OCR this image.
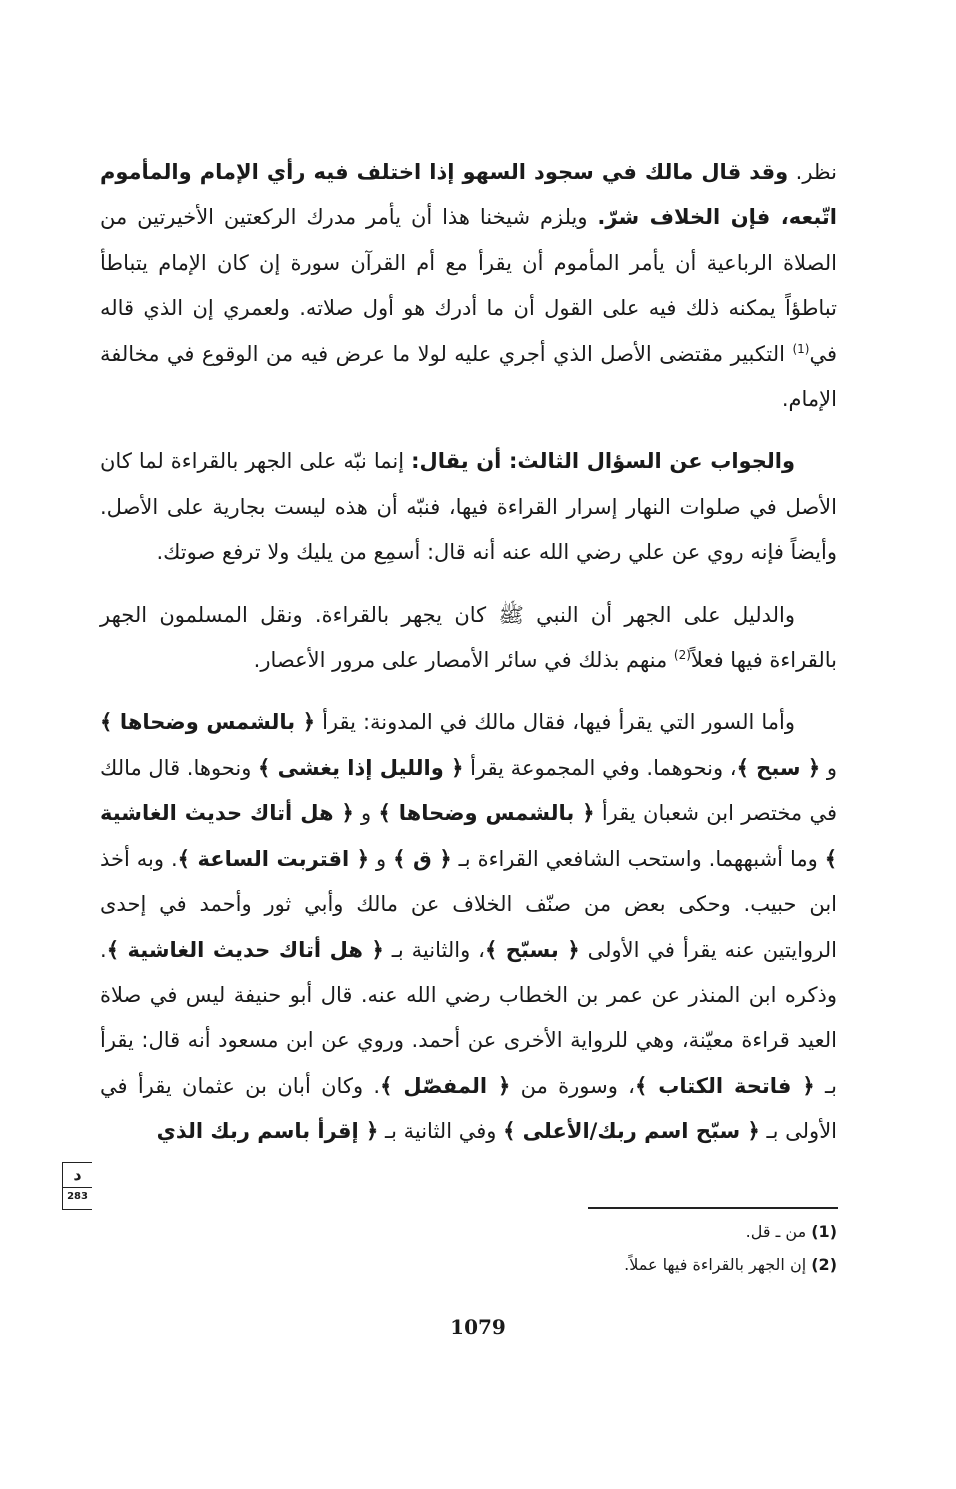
نظر. وقد قال مالك في سجود السهو إذا اختلف فيه رأي الإمام والمأموم اتّبعه، فإن الخلاف شرّ. ويلزم شيخنا هذا أن يأمر مدرك الركعتين الأخيرتين من الصلاة الرباعية أن يأمر المأموم أن يقرأ مع أم القرآن سورة إن كان الإمام يتباطأ تباطؤاً يمكنه ذلك فيه على القول أن ما أدرك هو أول صلاته. ولعمري إن الذي قاله في$^{(1)}$ التكبير مقتضى الأصل الذي أجري عليه لولا ما عرض فيه من الوقوع في مخالفة الإمام.

والجواب عن السؤال الثالث: أن يقال: إنما نبّه على الجهر بالقراءة لما كان الأصل في صلوات النهار إسرار القراءة فيها، فنبّه أن هذه ليست بجارية على الأصل. وأيضاً فإنه روي عن علي رضي الله عنه أنه قال: أسمِع من يليك ولا ترفع صوتك.

والدليل على الجهر أن النبي ﷺ كان يجهر بالقراءة. ونقل المسلمون الجهر بالقراءة فيها فعلاً$^{(2)}$ منهم بذلك في سائر الأمصار على مرور الأعصار.

وأما السور التي يقرأ فيها، فقال مالك في المدونة: يقرأ ﴿ بالشمس وضحاها ﴾ و ﴿ سبح ﴾، ونحوهما. وفي المجموعة يقرأ ﴿ والليل إذا يغشى ﴾ ونحوها. قال مالك في مختصر ابن شعبان يقرأ ﴿ بالشمس وضحاها ﴾ و ﴿ هل أتاك حديث الغاشية ﴾ وما أشبههما. واستحب الشافعي القراءة بـ ﴿ ق ﴾ و ﴿ اقتربت الساعة ﴾. وبه أخذ ابن حبيب. وحكى بعض من صنّف الخلاف عن مالك وأبي ثور وأحمد في إحدى الروايتين عنه يقرأ في الأولى ﴿ بسبّح ﴾، والثانية بـ ﴿ هل أتاك حديث الغاشية ﴾. وذكره ابن المنذر عن عمر بن الخطاب رضي الله عنه. قال أبو حنيفة ليس في صلاة العيد قراءة معيّنة، وهي للرواية الأخرى عن أحمد. وروي عن ابن مسعود أنه قال: يقرأ بـ ﴿ فاتحة الكتاب ﴾، وسورة من ﴿ المفصّل ﴾. وكان أبان بن عثمان يقرأ في الأولى بـ ﴿ سبّح اسم ربك/الأعلى ﴾ وفي الثانية بـ ﴿ إقرأ باسم ربك الذي

د
283
(1) من ـ قل.
(2) إن الجهر بالقراءة فيها عملاً.
1079
